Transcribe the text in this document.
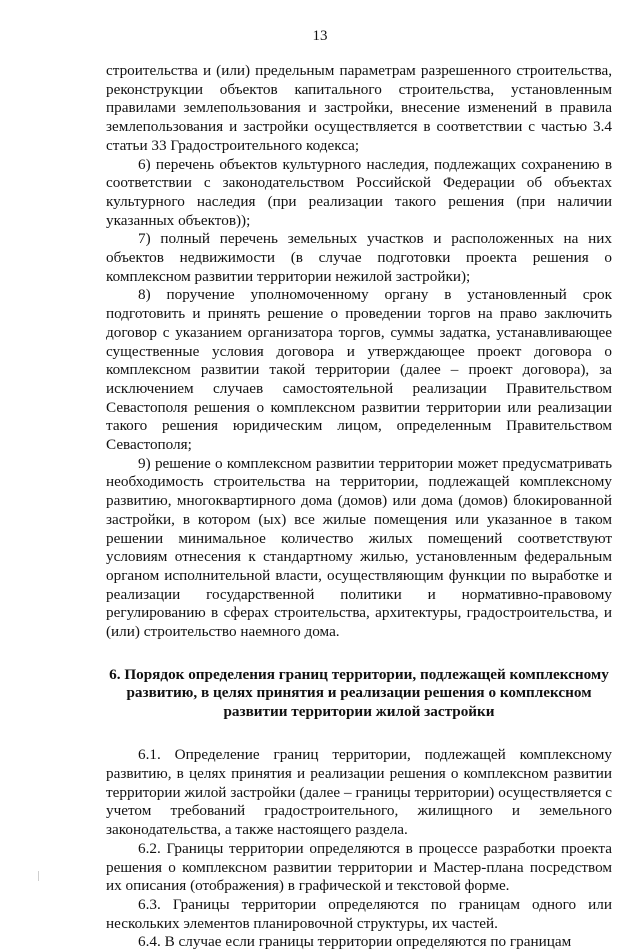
13

строительства и (или) предельным параметрам разрешенного строительства, реконструкции объектов капитального строительства, установленным правилами землепользования и застройки, внесение изменений в правила землепользования и застройки осуществляется в соответствии с частью 3.4 статьи 33 Градостроительного кодекса;

6) перечень объектов культурного наследия, подлежащих сохранению в соответствии с законодательством Российской Федерации об объектах культурного наследия (при реализации такого решения (при наличии указанных объектов));

7) полный перечень земельных участков и расположенных на них объектов недвижимости (в случае подготовки проекта решения о комплексном развитии территории нежилой застройки);

8) поручение уполномоченному органу в установленный срок подготовить и принять решение о проведении торгов на право заключить договор с указанием организатора торгов, суммы задатка, устанавливающее существенные условия договора и утверждающее проект договора о комплексном развитии такой территории (далее – проект договора), за исключением случаев самостоятельной реализации Правительством Севастополя решения о комплексном развитии территории или реализации такого решения юридическим лицом, определенным Правительством Севастополя;

9) решение о комплексном развитии территории может предусматривать необходимость строительства на территории, подлежащей комплексному развитию, многоквартирного дома (домов) или дома (домов) блокированной застройки, в котором (ых) все жилые помещения или указанное в таком решении минимальное количество жилых помещений соответствуют условиям отнесения к стандартному жилью, установленным федеральным органом исполнительной власти, осуществляющим функции по выработке и реализации государственной политики и нормативно-правовому регулированию в сферах строительства, архитектуры, градостроительства, и (или) строительство наемного дома.

6. Порядок определения границ территории, подлежащей комплексному развитию, в целях принятия и реализации решения о комплексном развитии территории жилой застройки

6.1. Определение границ территории, подлежащей комплексному развитию, в целях принятия и реализации решения о комплексном развитии территории жилой застройки (далее – границы территории) осуществляется с учетом требований градостроительного, жилищного и земельного законодательства, а также настоящего раздела.

6.2. Границы территории определяются в процессе разработки проекта решения о комплексном развитии территории и Мастер-плана посредством их описания (отображения) в графической и текстовой форме.

6.3. Границы территории определяются по границам одного или нескольких элементов планировочной структуры, их частей.

6.4. В случае если границы территории определяются по границам
